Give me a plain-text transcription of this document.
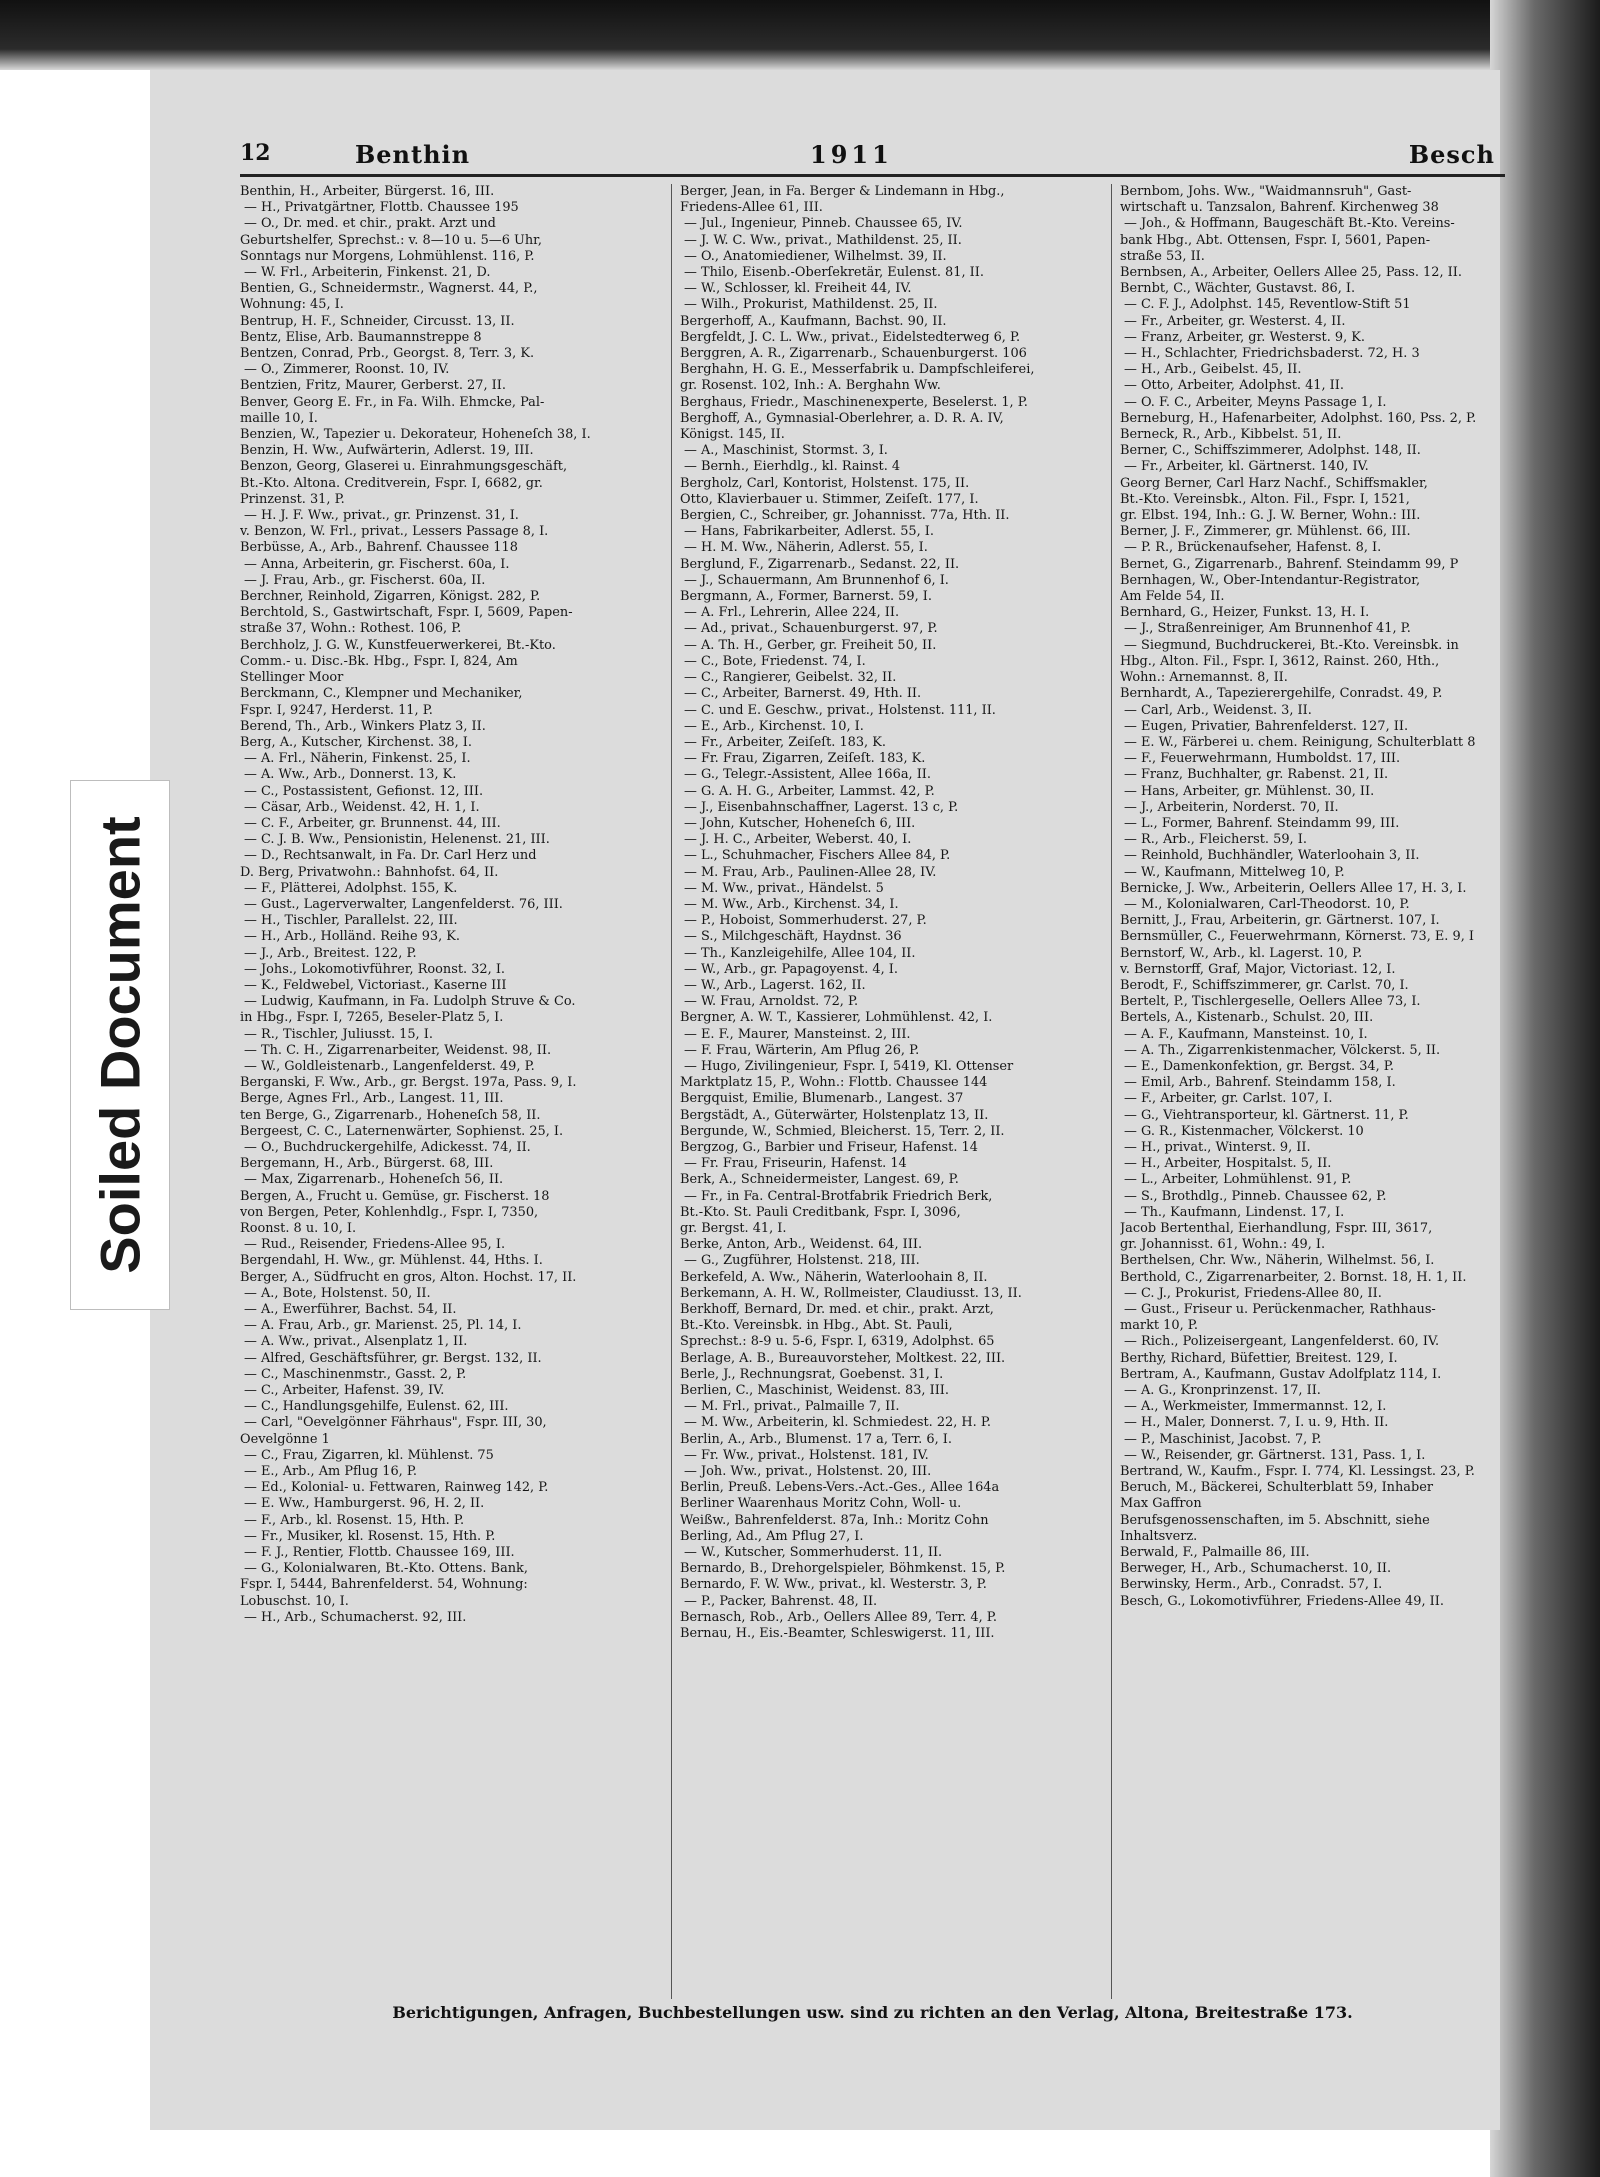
Soiled Document
12	Benthin	1911	Besch
Benthin, H., Arbeiter, Bürgerst. 16, III.
— H., Privatgärtner, Flottb. Chaussee 195
— O., Dr. med. et chir., prakt. Arzt und
Geburtshelfer, Sprechst.: v. 8—10 u. 5—6 Uhr,
Sonntags nur Morgens, Lohmühlenst. 116, P.
— W. Frl., Arbeiterin, Finkenst. 21, D.
Bentien, G., Schneidermstr., Wagnerst. 44, P.,
Wohnung: 45, I.
Bentrup, H. F., Schneider, Circusst. 13, II.
Bentz, Elise, Arb. Baumannstreppe 8
Bentzen, Conrad, Prb., Georgst. 8, Terr. 3, K.
— O., Zimmerer, Roonst. 10, IV.
Bentzien, Fritz, Maurer, Gerberst. 27, II.
Benver, Georg E. Fr., in Fa. Wilh. Ehmcke, Pal-
maille 10, I.
Benzien, W., Tapezier u. Dekorateur, Hoheneſch 38, I.
Benzin, H. Ww., Aufwärterin, Adlerst. 19, III.
Benzon, Georg, Glaserei u. Einrahmungsgeschäft,
Bt.-Kto. Altona. Creditverein, Fspr. I, 6682, gr.
Prinzenst. 31, P.
— H. J. F. Ww., privat., gr. Prinzenst. 31, I.
v. Benzon, W. Frl., privat., Lessers Passage 8, I.
Berbüsse, A., Arb., Bahrenf. Chaussee 118
— Anna, Arbeiterin, gr. Fischerst. 60a, I.
— J. Frau, Arb., gr. Fischerst. 60a, II.
Berchner, Reinhold, Zigarren, Königst. 282, P.
Berchtold, S., Gastwirtschaft, Fspr. I, 5609, Papen-
straße 37, Wohn.: Rothest. 106, P.
Berchholz, J. G. W., Kunstfeuerwerkerei, Bt.-Kto.
Comm.- u. Disc.-Bk. Hbg., Fspr. I, 824, Am
Stellinger Moor
Berckmann, C., Klempner und Mechaniker,
Fspr. I, 9247, Herderst. 11, P.
Berend, Th., Arb., Winkers Platz 3, II.
Berg, A., Kutscher, Kirchenst. 38, I.
— A. Frl., Näherin, Finkenst. 25, I.
— A. Ww., Arb., Donnerst. 13, K.
— C., Postassistent, Gefionst. 12, III.
— Cäsar, Arb., Weidenst. 42, H. 1, I.
— C. F., Arbeiter, gr. Brunnenst. 44, III.
— C. J. B. Ww., Pensionistin, Helenenst. 21, III.
— D., Rechtsanwalt, in Fa. Dr. Carl Herz und
D. Berg, Privatwohn.: Bahnhofst. 64, II.
— F., Plätterei, Adolphst. 155, K.
— Gust., Lagerverwalter, Langenfelderst. 76, III.
— H., Tischler, Parallelst. 22, III.
— H., Arb., Holländ. Reihe 93, K.
— J., Arb., Breitest. 122, P.
— Johs., Lokomotivführer, Roonst. 32, I.
— K., Feldwebel, Victoriast., Kaserne III
— Ludwig, Kaufmann, in Fa. Ludolph Struve & Co.
in Hbg., Fspr. I, 7265, Beseler-Platz 5, I.
— R., Tischler, Juliusst. 15, I.
— Th. C. H., Zigarrenarbeiter, Weidenst. 98, II.
— W., Goldleistenarb., Langenfelderst. 49, P.
Berganski, F. Ww., Arb., gr. Bergst. 197a, Pass. 9, I.
Berge, Agnes Frl., Arb., Langest. 11, III.
ten Berge, G., Zigarrenarb., Hoheneſch 58, II.
Bergeest, C. C., Laternenwärter, Sophienst. 25, I.
— O., Buchdruckergehilfe, Adickesst. 74, II.
Bergemann, H., Arb., Bürgerst. 68, III.
— Max, Zigarrenarb., Hoheneſch 56, II.
Bergen, A., Frucht u. Gemüse, gr. Fischerst. 18
von Bergen, Peter, Kohlenhdlg., Fspr. I, 7350,
Roonst. 8 u. 10, I.
— Rud., Reisender, Friedens-Allee 95, I.
Bergendahl, H. Ww., gr. Mühlenst. 44, Hths. I.
Berger, A., Südfrucht en gros, Alton. Hochst. 17, II.
— A., Bote, Holstenst. 50, II.
— A., Ewerführer, Bachst. 54, II.
— A. Frau, Arb., gr. Marienst. 25, Pl. 14, I.
— A. Ww., privat., Alsenplatz 1, II.
— Alfred, Geschäftsführer, gr. Bergst. 132, II.
— C., Maschinenmstr., Gasst. 2, P.
— C., Arbeiter, Hafenst. 39, IV.
— C., Handlungsgehilfe, Eulenst. 62, III.
— Carl, "Oevelgönner Fährhaus", Fspr. III, 30,
Oevelgönne 1
— C., Frau, Zigarren, kl. Mühlenst. 75
— E., Arb., Am Pflug 16, P.
— Ed., Kolonial- u. Fettwaren, Rainweg 142, P.
— E. Ww., Hamburgerst. 96, H. 2, II.
— F., Arb., kl. Rosenst. 15, Hth. P.
— Fr., Musiker, kl. Rosenst. 15, Hth. P.
— F. J., Rentier, Flottb. Chaussee 169, III.
— G., Kolonialwaren, Bt.-Kto. Ottens. Bank,
Fspr. I, 5444, Bahrenfelderst. 54, Wohnung:
Lobuschst. 10, I.
— H., Arb., Schumacherst. 92, III.
Berger, Jean, in Fa. Berger & Lindemann in Hbg.,
Friedens-Allee 61, III.
— Jul., Ingenieur, Pinneb. Chaussee 65, IV.
— J. W. C. Ww., privat., Mathildenst. 25, II.
— O., Anatomiediener, Wilhelmst. 39, II.
— Thilo, Eisenb.-Oberſekretär, Eulenst. 81, II.
— W., Schlosser, kl. Freiheit 44, IV.
— Wilh., Prokurist, Mathildenst. 25, II.
Bergerhoff, A., Kaufmann, Bachst. 90, II.
Bergfeldt, J. C. L. Ww., privat., Eidelstedterweg 6, P.
Berggren, A. R., Zigarrenarb., Schauenburgerst. 106
Berghahn, H. G. E., Messerfabrik u. Dampfschleiferei,
gr. Rosenst. 102, Inh.: A. Berghahn Ww.
Berghaus, Friedr., Maschinenexperte, Beselerst. 1, P.
Berghoff, A., Gymnasial-Oberlehrer, a. D. R. A. IV,
Königst. 145, II.
— A., Maschinist, Stormst. 3, I.
— Bernh., Eierhdlg., kl. Rainst. 4
Bergholz, Carl, Kontorist, Holstenst. 175, II.
Otto, Klavierbauer u. Stimmer, Zeiſeſt. 177, I.
Bergien, C., Schreiber, gr. Johannisst. 77a, Hth. II.
— Hans, Fabrikarbeiter, Adlerst. 55, I.
— H. M. Ww., Näherin, Adlerst. 55, I.
Berglund, F., Zigarrenarb., Sedanst. 22, II.
— J., Schauermann, Am Brunnenhof 6, I.
Bergmann, A., Former, Barnerst. 59, I.
— A. Frl., Lehrerin, Allee 224, II.
— Ad., privat., Schauenburgerst. 97, P.
— A. Th. H., Gerber, gr. Freiheit 50, II.
— C., Bote, Friedenst. 74, I.
— C., Rangierer, Geibelst. 32, II.
— C., Arbeiter, Barnerst. 49, Hth. II.
— C. und E. Geschw., privat., Holstenst. 111, II.
— E., Arb., Kirchenst. 10, I.
— Fr., Arbeiter, Zeiſeſt. 183, K.
— Fr. Frau, Zigarren, Zeiſeſt. 183, K.
— G., Telegr.-Assistent, Allee 166a, II.
— G. A. H. G., Arbeiter, Lammst. 42, P.
— J., Eisenbahnschaffner, Lagerst. 13 c, P.
— John, Kutscher, Hoheneſch 6, III.
— J. H. C., Arbeiter, Weberst. 40, I.
— L., Schuhmacher, Fischers Allee 84, P.
— M. Frau, Arb., Paulinen-Allee 28, IV.
— M. Ww., privat., Händelst. 5
— M. Ww., Arb., Kirchenst. 34, I.
— P., Hoboist, Sommerhuderst. 27, P.
— S., Milchgeschäft, Haydnst. 36
— Th., Kanzleigehilfe, Allee 104, II.
— W., Arb., gr. Papagoyenst. 4, I.
— W., Arb., Lagerst. 162, II.
— W. Frau, Arnoldst. 72, P.
Bergner, A. W. T., Kassierer, Lohmühlenst. 42, I.
— E. F., Maurer, Mansteinst. 2, III.
— F. Frau, Wärterin, Am Pflug 26, P.
— Hugo, Zivilingenieur, Fspr. I, 5419, Kl. Ottenser
Marktplatz 15, P., Wohn.: Flottb. Chaussee 144
Bergquist, Emilie, Blumenarb., Langest. 37
Bergstädt, A., Güterwärter, Holstenplatz 13, II.
Bergunde, W., Schmied, Bleicherst. 15, Terr. 2, II.
Bergzog, G., Barbier und Friseur, Hafenst. 14
— Fr. Frau, Friseurin, Hafenst. 14
Berk, A., Schneidermeister, Langest. 69, P.
— Fr., in Fa. Central-Brotfabrik Friedrich Berk,
Bt.-Kto. St. Pauli Creditbank, Fspr. I, 3096,
gr. Bergst. 41, I.
Berke, Anton, Arb., Weidenst. 64, III.
— G., Zugführer, Holstenst. 218, III.
Berkefeld, A. Ww., Näherin, Waterloohain 8, II.
Berkemann, A. H. W., Rollmeister, Claudiusst. 13, II.
Berkhoff, Bernard, Dr. med. et chir., prakt. Arzt,
Bt.-Kto. Vereinsbk. in Hbg., Abt. St. Pauli,
Sprechst.: 8-9 u. 5-6, Fspr. I, 6319, Adolphst. 65
Berlage, A. B., Bureauvorsteher, Moltkest. 22, III.
Berle, J., Rechnungsrat, Goebenst. 31, I.
Berlien, C., Maschinist, Weidenst. 83, III.
— M. Frl., privat., Palmaille 7, II.
— M. Ww., Arbeiterin, kl. Schmiedest. 22, H. P.
Berlin, A., Arb., Blumenst. 17 a, Terr. 6, I.
— Fr. Ww., privat., Holstenst. 181, IV.
— Joh. Ww., privat., Holstenst. 20, III.
Berlin, Preuß. Lebens-Vers.-Act.-Ges., Allee 164a
Berliner Waarenhaus Moritz Cohn, Woll- u.
Weißw., Bahrenfelderst. 87a, Inh.: Moritz Cohn
Berling, Ad., Am Pflug 27, I.
— W., Kutscher, Sommerhuderst. 11, II.
Bernardo, B., Drehorgelspieler, Böhmkenst. 15, P.
Bernardo, F. W. Ww., privat., kl. Westerstr. 3, P.
— P., Packer, Bahrenst. 48, II.
Bernasch, Rob., Arb., Oellers Allee 89, Terr. 4, P.
Bernau, H., Eis.-Beamter, Schleswigerst. 11, III.
Bernbom, Johs. Ww., "Waidmannsruh", Gast-
wirtschaft u. Tanzsalon, Bahrenf. Kirchenweg 38
— Joh., & Hoffmann, Baugeschäft Bt.-Kto. Vereins-
bank Hbg., Abt. Ottensen, Fspr. I, 5601, Papen-
straße 53, II.
Bernbsen, A., Arbeiter, Oellers Allee 25, Pass. 12, II.
Bernbt, C., Wächter, Gustavst. 86, I.
— C. F. J., Adolphst. 145, Reventlow-Stift 51
— Fr., Arbeiter, gr. Westerst. 4, II.
— Franz, Arbeiter, gr. Westerst. 9, K.
— H., Schlachter, Friedrichsbaderst. 72, H. 3
— H., Arb., Geibelst. 45, II.
— Otto, Arbeiter, Adolphst. 41, II.
— O. F. C., Arbeiter, Meyns Passage 1, I.
Berneburg, H., Hafenarbeiter, Adolphst. 160, Pss. 2, P.
Berneck, R., Arb., Kibbelst. 51, II.
Berner, C., Schiffszimmerer, Adolphst. 148, II.
— Fr., Arbeiter, kl. Gärtnerst. 140, IV.
Georg Berner, Carl Harz Nachf., Schiffsmakler,
Bt.-Kto. Vereinsbk., Alton. Fil., Fspr. I, 1521,
gr. Elbst. 194, Inh.: G. J. W. Berner, Wohn.: III.
Berner, J. F., Zimmerer, gr. Mühlenst. 66, III.
— P. R., Brückenaufseher, Hafenst. 8, I.
Bernet, G., Zigarrenarb., Bahrenf. Steindamm 99, P
Bernhagen, W., Ober-Intendantur-Registrator,
Am Felde 54, II.
Bernhard, G., Heizer, Funkst. 13, H. I.
— J., Straßenreiniger, Am Brunnenhof 41, P.
— Siegmund, Buchdruckerei, Bt.-Kto. Vereinsbk. in
Hbg., Alton. Fil., Fspr. I, 3612, Rainst. 260, Hth.,
Wohn.: Arnemannst. 8, II.
Bernhardt, A., Tapezierergehilfe, Conradst. 49, P.
— Carl, Arb., Weidenst. 3, II.
— Eugen, Privatier, Bahrenfelderst. 127, II.
— E. W., Färberei u. chem. Reinigung, Schulterblatt 8
— F., Feuerwehrmann, Humboldst. 17, III.
— Franz, Buchhalter, gr. Rabenst. 21, II.
— Hans, Arbeiter, gr. Mühlenst. 30, II.
— J., Arbeiterin, Norderst. 70, II.
— L., Former, Bahrenf. Steindamm 99, III.
— R., Arb., Fleicherst. 59, I.
— Reinhold, Buchhändler, Waterloohain 3, II.
— W., Kaufmann, Mittelweg 10, P.
Bernicke, J. Ww., Arbeiterin, Oellers Allee 17, H. 3, I.
— M., Kolonialwaren, Carl-Theodorst. 10, P.
Bernitt, J., Frau, Arbeiterin, gr. Gärtnerst. 107, I.
Bernsmüller, C., Feuerwehrmann, Körnerst. 73, E. 9, I
Bernstorf, W., Arb., kl. Lagerst. 10, P.
v. Bernstorff, Graf, Major, Victoriast. 12, I.
Berodt, F., Schiffszimmerer, gr. Carlst. 70, I.
Bertelt, P., Tischlergeselle, Oellers Allee 73, I.
Bertels, A., Kistenarb., Schulst. 20, III.
— A. F., Kaufmann, Mansteinst. 10, I.
— A. Th., Zigarrenkistenmacher, Völckerst. 5, II.
— E., Damenkonfektion, gr. Bergst. 34, P.
— Emil, Arb., Bahrenf. Steindamm 158, I.
— F., Arbeiter, gr. Carlst. 107, I.
— G., Viehtransporteur, kl. Gärtnerst. 11, P.
— G. R., Kistenmacher, Völckerst. 10
— H., privat., Winterst. 9, II.
— H., Arbeiter, Hospitalst. 5, II.
— L., Arbeiter, Lohmühlenst. 91, P.
— S., Brothdlg., Pinneb. Chaussee 62, P.
— Th., Kaufmann, Lindenst. 17, I.
Jacob Bertenthal, Eierhandlung, Fspr. III, 3617,
gr. Johannisst. 61, Wohn.: 49, I.
Berthelsen, Chr. Ww., Näherin, Wilhelmst. 56, I.
Berthold, C., Zigarrenarbeiter, 2. Bornst. 18, H. 1, II.
— C. J., Prokurist, Friedens-Allee 80, II.
— Gust., Friseur u. Perückenmacher, Rathhaus-
markt 10, P.
— Rich., Polizeisergeant, Langenfelderst. 60, IV.
Berthy, Richard, Büfettier, Breitest. 129, I.
Bertram, A., Kaufmann, Gustav Adolfplatz 114, I.
— A. G., Kronprinzenst. 17, II.
— A., Werkmeister, Immermannst. 12, I.
— H., Maler, Donnerst. 7, I. u. 9, Hth. II.
— P., Maschinist, Jacobst. 7, P.
— W., Reisender, gr. Gärtnerst. 131, Pass. 1, I.
Bertrand, W., Kaufm., Fspr. I. 774, Kl. Lessingst. 23, P.
Beruch, M., Bäckerei, Schulterblatt 59, Inhaber
Max Gaffron
Berufsgenossenschaften, im 5. Abschnitt, siehe
Inhaltsverz.
Berwald, F., Palmaille 86, III.
Berweger, H., Arb., Schumacherst. 10, II.
Berwinsky, Herm., Arb., Conradst. 57, I.
Besch, G., Lokomotivführer, Friedens-Allee 49, II.
Berichtigungen, Anfragen, Buchbestellungen usw. sind zu richten an den Verlag, Altona, Breitestraße 173.
